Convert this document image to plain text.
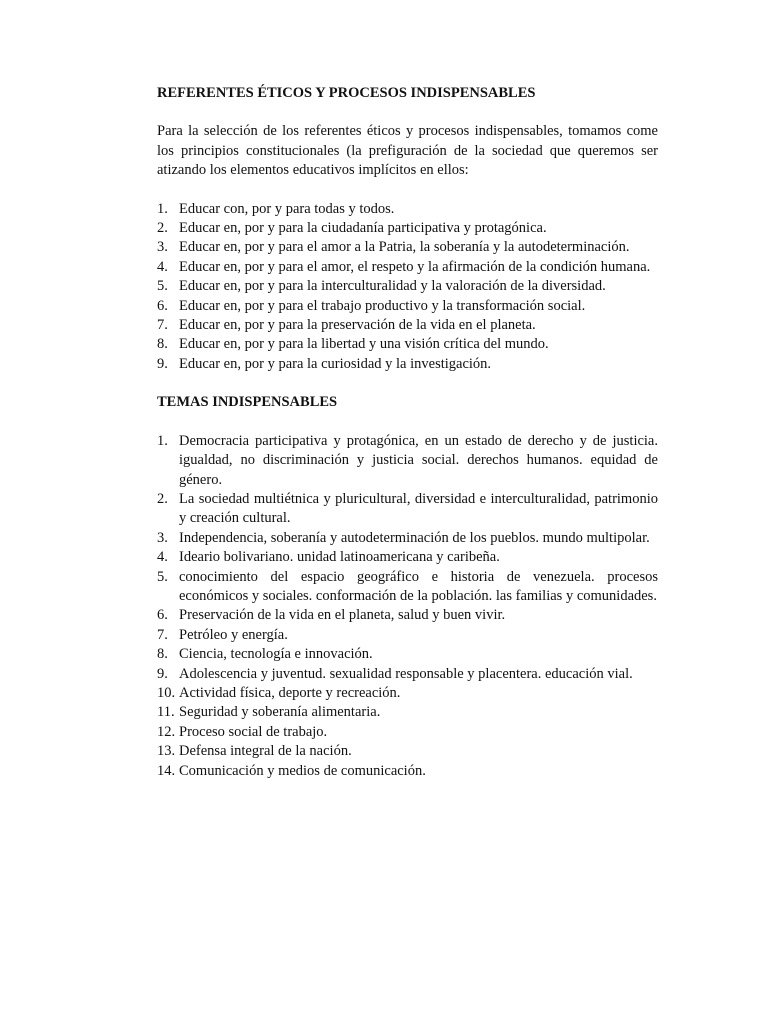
REFERENTES ÉTICOS Y PROCESOS INDISPENSABLES

Para la selección de los referentes éticos y procesos indispensables, tomamos come los principios constitucionales (la prefiguración de la sociedad que queremos ser atizando los elementos educativos implícitos en ellos:

1. Educar con, por y para todas y todos.
2. Educar en, por y para la ciudadanía participativa y protagónica.
3. Educar en, por y para el amor a la Patria, la soberanía y la autodeterminación.
4. Educar en, por y para el amor, el respeto y la afirmación de la condición humana.
5. Educar en, por y para la interculturalidad y la valoración de la diversidad.
6. Educar en, por y para el trabajo productivo y la transformación social.
7. Educar en, por y para la preservación de la vida en el planeta.
8. Educar en, por y para la libertad y una visión crítica del mundo.
9. Educar en, por y para la curiosidad y la investigación.
TEMAS INDISPENSABLES
1. Democracia participativa y protagónica, en un estado de derecho y de justicia. igualdad, no discriminación y justicia social. derechos humanos. equidad de género.
2. La sociedad multiétnica y pluricultural, diversidad e interculturalidad, patrimonio y creación cultural.
3. Independencia, soberanía y autodeterminación de los pueblos. mundo multipolar.
4. Ideario bolivariano. unidad latinoamericana y caribeña.
5. conocimiento del espacio geográfico e historia de venezuela. procesos económicos y sociales. conformación de la población. las familias y comunidades.
6. Preservación de la vida en el planeta, salud y buen vivir.
7. Petróleo y energía.
8. Ciencia, tecnología e innovación.
9. Adolescencia y juventud. sexualidad responsable y placentera. educación vial.
10. Actividad física, deporte y recreación.
11. Seguridad y soberanía alimentaria.
12. Proceso social de trabajo.
13. Defensa integral de la nación.
14. Comunicación y medios de comunicación.
